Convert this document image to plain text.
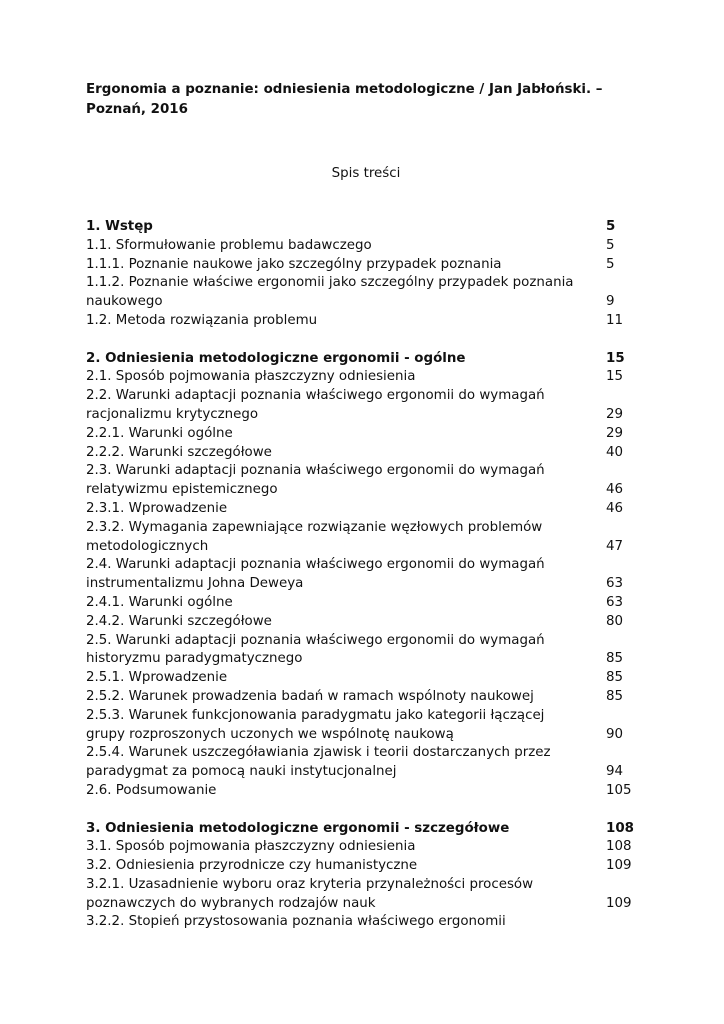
Ergonomia a poznanie: odniesienia metodologiczne / Jan Jabłoński. –

Poznań, 2016

Spis treści
1. Wstęp	5
1.1. Sformułowanie problemu badawczego	5
1.1.1. Poznanie naukowe jako szczególny przypadek poznania	5
1.1.2. Poznanie właściwe ergonomii jako szczególny przypadek poznania
naukowego	9
1.2. Metoda rozwiązania problemu	11
2. Odniesienia metodologiczne ergonomii - ogólne	15
2.1. Sposób pojmowania płaszczyzny odniesienia	15
2.2. Warunki adaptacji poznania właściwego ergonomii do wymagań
racjonalizmu krytycznego	29
2.2.1. Warunki ogólne	29
2.2.2. Warunki szczegółowe	40
2.3. Warunki adaptacji poznania właściwego ergonomii do wymagań
relatywizmu epistemicznego	46
2.3.1. Wprowadzenie	46
2.3.2. Wymagania zapewniające rozwiązanie węzłowych problemów
metodologicznych	47
2.4. Warunki adaptacji poznania właściwego ergonomii do wymagań
instrumentalizmu Johna Deweya	63
2.4.1. Warunki ogólne	63
2.4.2. Warunki szczegółowe	80
2.5. Warunki adaptacji poznania właściwego ergonomii do wymagań
historyzmu paradygmatycznego	85
2.5.1. Wprowadzenie	85
2.5.2. Warunek prowadzenia badań w ramach wspólnoty naukowej	85
2.5.3. Warunek funkcjonowania paradygmatu jako kategorii łączącej
grupy rozproszonych uczonych we wspólnotę naukową	90
2.5.4. Warunek uszczegóławiania zjawisk i teorii dostarczanych przez
paradygmat za pomocą nauki instytucjonalnej	94
2.6. Podsumowanie	105
3. Odniesienia metodologiczne ergonomii - szczegółowe	108
3.1. Sposób pojmowania płaszczyzny odniesienia	108
3.2. Odniesienia przyrodnicze czy humanistyczne	109
3.2.1. Uzasadnienie wyboru oraz kryteria przynależności procesów
poznawczych do wybranych rodzajów nauk	109
3.2.2. Stopień przystosowania poznania właściwego ergonomii
